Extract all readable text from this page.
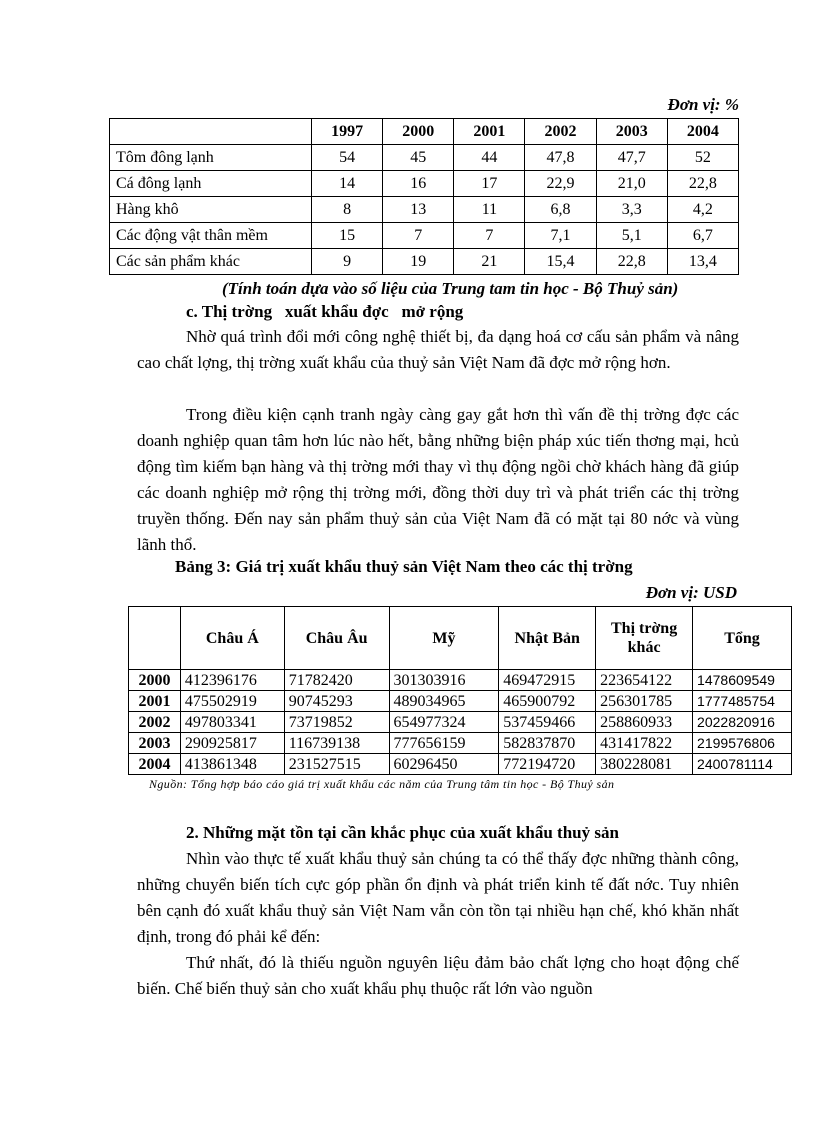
Đơn vị: %
	1997	2000	2001	2002	2003	2004
Tôm đông lạnh	54	45	44	47,8	47,7	52
Cá đông lạnh	14	16	17	22,9	21,0	22,8
Hàng khô	8	13	11	6,8	3,3	4,2
Các động vật thân mềm	15	7	7	7,1	5,1	6,7
Các sản phẩm khác	9	19	21	15,4	22,8	13,4
(Tính toán dựa vào số liệu của Trung tam tin học - Bộ Thuỷ sản)
c. Thị trờng   xuất khẩu đợc   mở rộng
Nhờ quá trình đổi mới công nghệ thiết bị, đa dạng hoá cơ cấu sản phẩm và nâng cao chất lợng, thị trờng xuất khẩu của thuỷ sản Việt Nam đã đợc mở rộng hơn.
Trong điều kiện cạnh tranh ngày càng gay gắt hơn thì vấn đề thị trờng đợc các doanh nghiệp quan tâm hơn lúc nào hết, bằng những biện pháp xúc tiến thơng mại, hcủ động tìm kiếm bạn hàng và thị trờng mới thay vì thụ động ngồi chờ khách hàng đã giúp các doanh nghiệp mở rộng thị trờng mới, đồng thời duy trì và phát triển các thị trờng truyền thống. Đến nay sản phẩm thuỷ sản của Việt Nam đã có mặt tại 80 nớc và vùng lãnh thổ.
Bảng 3: Giá trị xuất khẩu thuỷ sản Việt Nam theo các thị trờng
Đơn vị: USD
	Châu Á	Châu Âu	Mỹ	Nhật Bản	Thị trờng khác	Tổng
2000	412396176	71782420	301303916	469472915	223654122	1478609549
2001	475502919	90745293	489034965	465900792	256301785	1777485754
2002	497803341	73719852	654977324	537459466	258860933	2022820916
2003	290925817	116739138	777656159	582837870	431417822	2199576806
2004	413861348	231527515	60296450	772194720	380228081	2400781114
Nguồn: Tổng hợp báo cáo giá trị xuất khẩu các năm của Trung tâm tin học - Bộ Thuỷ sản
2. Những mặt tồn tại cần khắc phục của xuất khẩu thuỷ sản
Nhìn vào thực tế xuất khẩu thuỷ sản chúng ta có thể thấy đợc những thành công, những chuyển biến tích cực góp phần ổn định và phát triển kinh tế đất nớc. Tuy nhiên bên cạnh đó xuất khẩu thuỷ sản Việt Nam vẫn còn tồn tại nhiều hạn chế, khó khăn nhất định, trong đó phải kể đến:
Thứ nhất, đó là thiếu nguồn nguyên liệu đảm bảo chất lợng cho hoạt động chế biến. Chế biến thuỷ sản cho xuất khẩu phụ thuộc rất lớn vào nguồn
